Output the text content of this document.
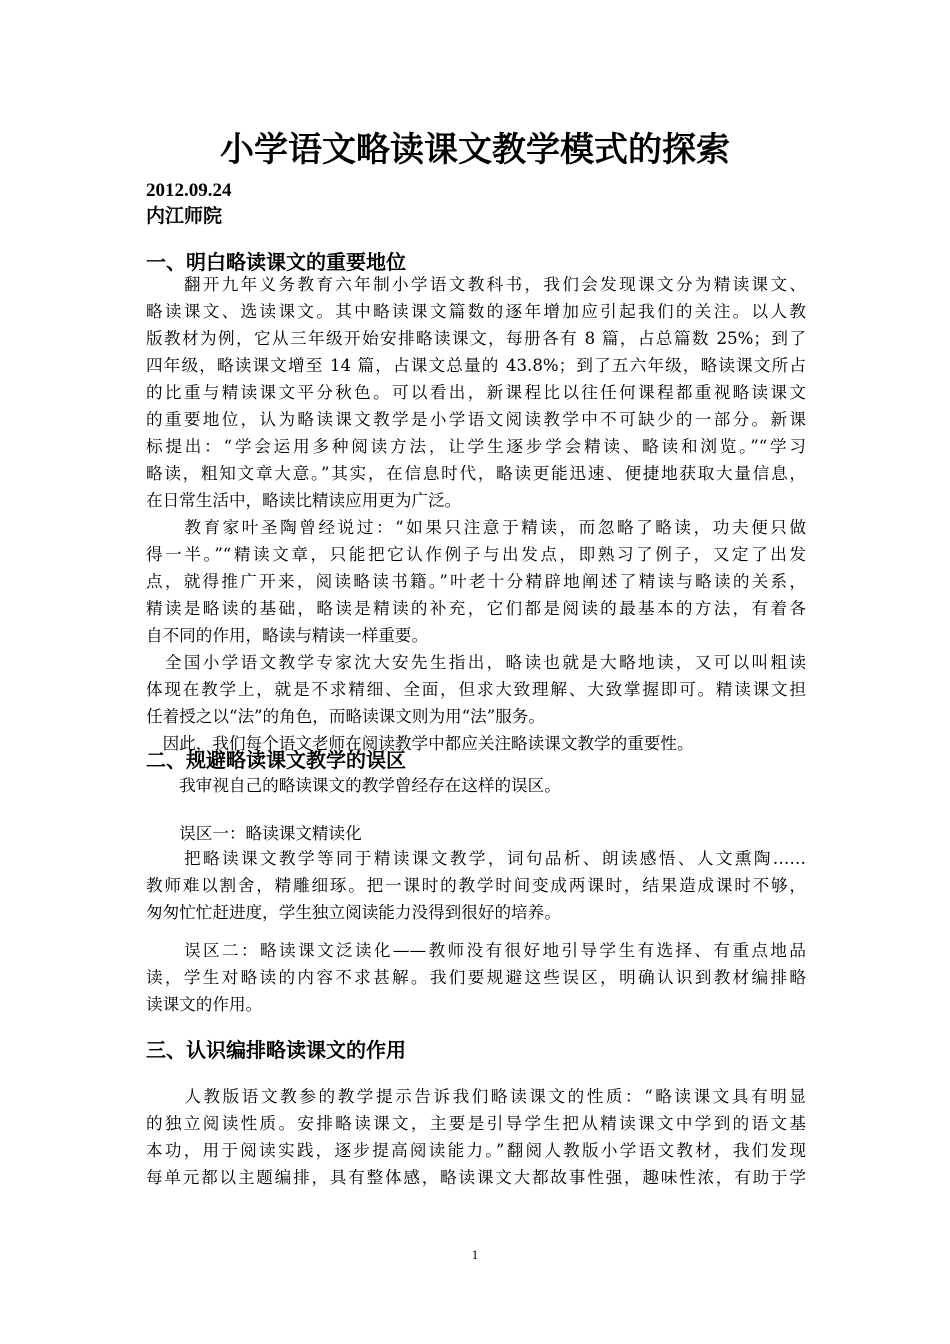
小学语文略读课文教学模式的探索
2012.09.24
内江师院
一、明白略读课文的重要地位
　　翻开九年义务教育六年制小学语文教科书，我们会发现课文分为精读课文、
略读课文、选读课文。其中略读课文篇数的逐年增加应引起我们的关注。以人教
版教材为例，它从三年级开始安排略读课文，每册各有 8 篇，占总篇数 25%；到了
四年级，略读课文增至 14 篇，占课文总量的 43.8%；到了五六年级，略读课文所占
的比重与精读课文平分秋色。可以看出，新课程比以往任何课程都重视略读课文
的重要地位，认为略读课文教学是小学语文阅读教学中不可缺少的一部分。新课
标提出：“学会运用多种阅读方法，让学生逐步学会精读、略读和浏览。”“学习
略读，粗知文章大意。”其实，在信息时代，略读更能迅速、便捷地获取大量信息，
在日常生活中，略读比精读应用更为广泛。
　　教育家叶圣陶曾经说过：“如果只注意于精读，而忽略了略读，功夫便只做
得一半。”“精读文章，只能把它认作例子与出发点，即熟习了例子，又定了出发
点，就得推广开来，阅读略读书籍。”叶老十分精辟地阐述了精读与略读的关系，
精读是略读的基础，略读是精读的补充，它们都是阅读的最基本的方法，有着各
自不同的作用，略读与精读一样重要。
　全国小学语文教学专家沈大安先生指出，略读也就是大略地读，又可以叫粗读
体现在教学上，就是不求精细、全面，但求大致理解、大致掌握即可。精读课文担
任着授之以“法”的角色，而略读课文则为用“法”服务。
　因此，我们每个语文老师在阅读教学中都应关注略读课文教学的重要性。
二、规避略读课文教学的误区
　　我审视自己的略读课文的教学曾经存在这样的误区。
　　误区一：略读课文精读化
　　把略读课文教学等同于精读课文教学，词句品析、朗读感悟、人文熏陶……
教师难以割舍，精雕细琢。把一课时的教学时间变成两课时，结果造成课时不够，
匆匆忙忙赶进度，学生独立阅读能力没得到很好的培养。
　　误区二：略读课文泛读化——教师没有很好地引导学生有选择、有重点地品
读，学生对略读的内容不求甚解。我们要规避这些误区，明确认识到教材编排略
读课文的作用。
三、认识编排略读课文的作用
　　人教版语文教参的教学提示告诉我们略读课文的性质：“略读课文具有明显
的独立阅读性质。安排略读课文，主要是引导学生把从精读课文中学到的语文基
本功，用于阅读实践，逐步提高阅读能力。”翻阅人教版小学语文教材，我们发现
每单元都以主题编排，具有整体感，略读课文大都故事性强，趣味性浓，有助于学
1
